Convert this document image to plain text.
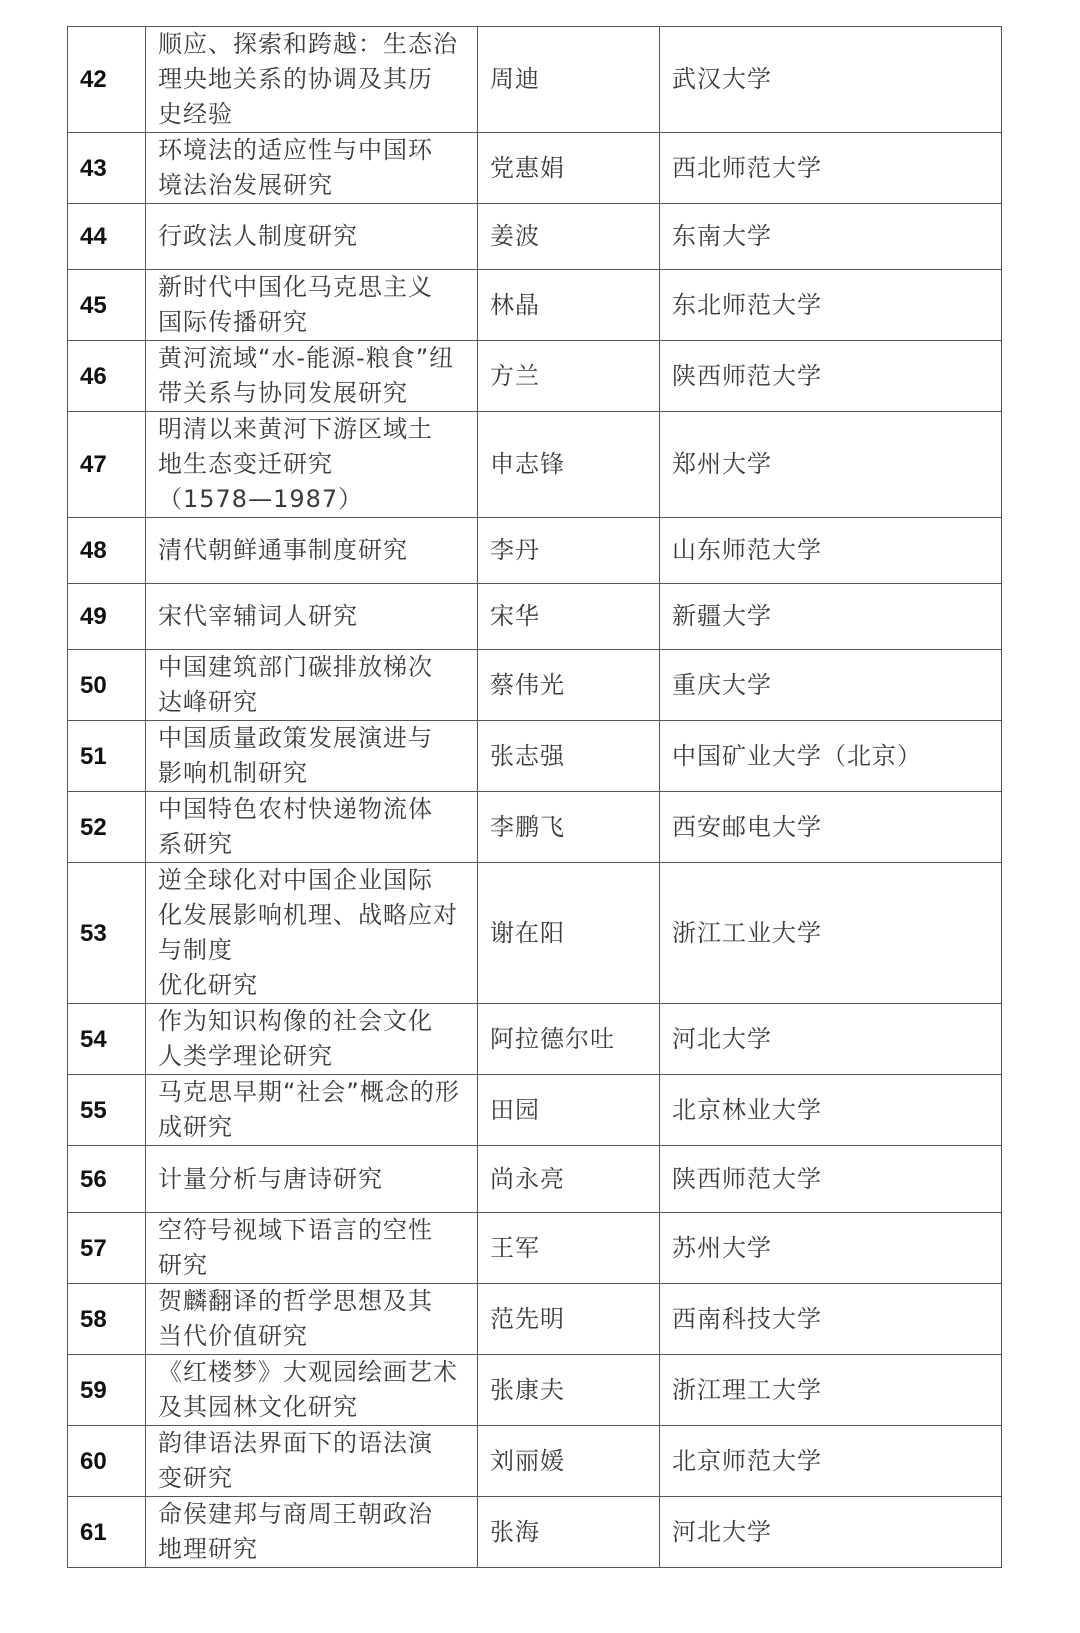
42	顺应、探索和跨越：生态治
理央地关系的协调及其历
史经验	周迪	武汉大学
43	环境法的适应性与中国环
境法治发展研究	党惠娟	西北师范大学
44	行政法人制度研究	姜波	东南大学
45	新时代中国化马克思主义
国际传播研究	林晶	东北师范大学
46	黄河流域“水-能源-粮食”纽
带关系与协同发展研究	方兰	陕西师范大学
47	明清以来黄河下游区域土
地生态变迁研究
（1578—1987）	申志锋	郑州大学
48	清代朝鲜通事制度研究	李丹	山东师范大学
49	宋代宰辅词人研究	宋华	新疆大学
50	中国建筑部门碳排放梯次
达峰研究	蔡伟光	重庆大学
51	中国质量政策发展演进与
影响机制研究	张志强	中国矿业大学（北京）
52	中国特色农村快递物流体
系研究	李鹏飞	西安邮电大学
53	逆全球化对中国企业国际
化发展影响机理、战略应对
与制度
优化研究	谢在阳	浙江工业大学
54	作为知识构像的社会文化
人类学理论研究	阿拉德尔吐	河北大学
55	马克思早期“社会”概念的形
成研究	田园	北京林业大学
56	计量分析与唐诗研究	尚永亮	陕西师范大学
57	空符号视域下语言的空性
研究	王军	苏州大学
58	贺麟翻译的哲学思想及其
当代价值研究	范先明	西南科技大学
59	《红楼梦》大观园绘画艺术
及其园林文化研究	张康夫	浙江理工大学
60	韵律语法界面下的语法演
变研究	刘丽媛	北京师范大学
61	命侯建邦与商周王朝政治
地理研究	张海	河北大学
